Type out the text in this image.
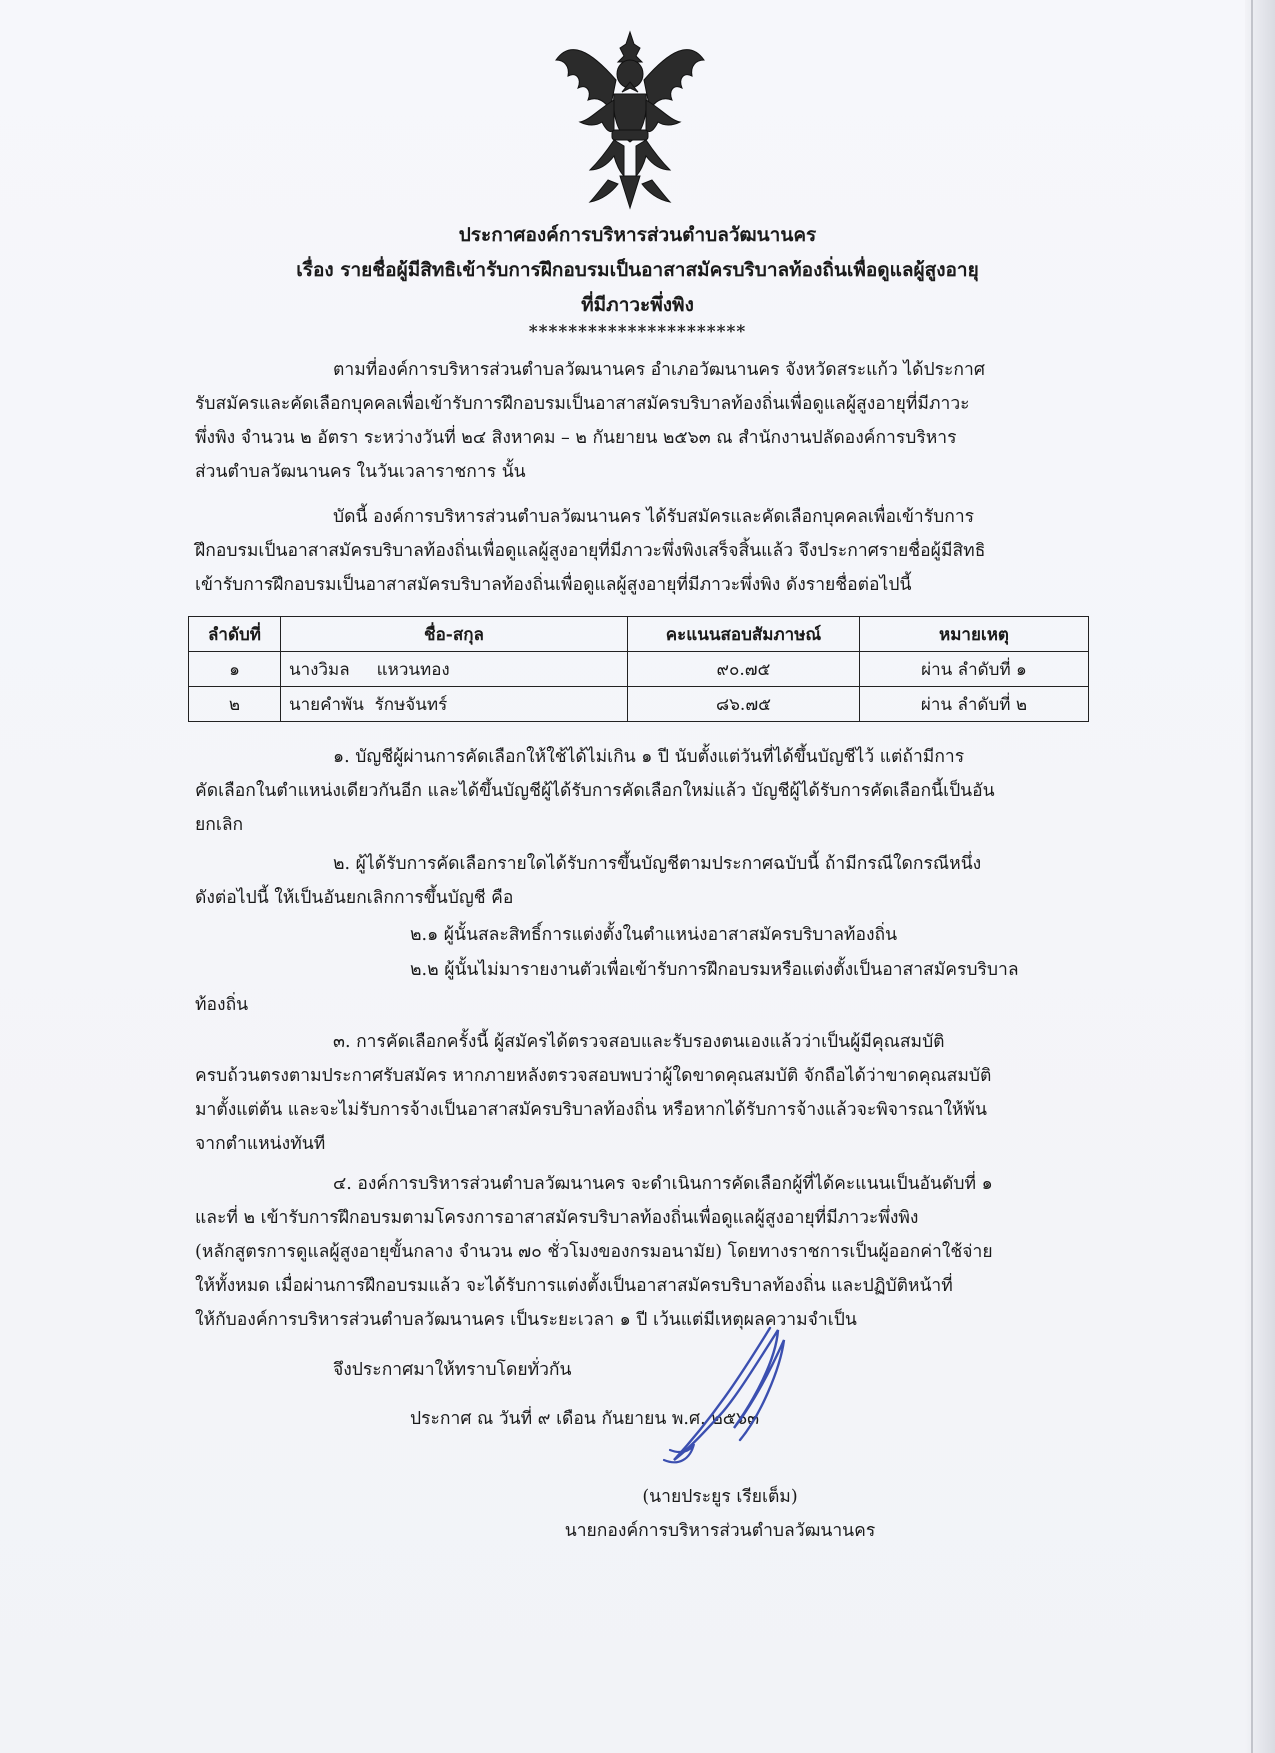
ประกาศองค์การบริหารส่วนตำบลวัฒนานคร
เรื่อง รายชื่อผู้มีสิทธิเข้ารับการฝึกอบรมเป็นอาสาสมัครบริบาลท้องถิ่นเพื่อดูแลผู้สูงอายุ
ที่มีภาวะพึ่งพิง
**********************
ตามที่องค์การบริหารส่วนตำบลวัฒนานคร อำเภอวัฒนานคร จังหวัดสระแก้ว ได้ประกาศ
รับสมัครและคัดเลือกบุคคลเพื่อเข้ารับการฝึกอบรมเป็นอาสาสมัครบริบาลท้องถิ่นเพื่อดูแลผู้สูงอายุที่มีภาวะ
พึ่งพิง จำนวน ๒ อัตรา ระหว่างวันที่ ๒๔ สิงหาคม – ๒ กันยายน ๒๕๖๓ ณ สำนักงานปลัดองค์การบริหาร
ส่วนตำบลวัฒนานคร ในวันเวลาราชการ นั้น
บัดนี้ องค์การบริหารส่วนตำบลวัฒนานคร ได้รับสมัครและคัดเลือกบุคคลเพื่อเข้ารับการ
ฝึกอบรมเป็นอาสาสมัครบริบาลท้องถิ่นเพื่อดูแลผู้สูงอายุที่มีภาวะพึ่งพิงเสร็จสิ้นแล้ว จึงประกาศรายชื่อผู้มีสิทธิ
เข้ารับการฝึกอบรมเป็นอาสาสมัครบริบาลท้องถิ่นเพื่อดูแลผู้สูงอายุที่มีภาวะพึ่งพิง ดังรายชื่อต่อไปนี้
ลำดับที่	ชื่อ-สกุล	คะแนนสอบสัมภาษณ์	หมายเหตุ
๑	นางวิมล     แหวนทอง	๙๐.๗๕	ผ่าน ลำดับที่ ๑
๒	นายคำพัน  รักษจันทร์	๘๖.๗๕	ผ่าน ลำดับที่ ๒
๑. บัญชีผู้ผ่านการคัดเลือกให้ใช้ได้ไม่เกิน ๑ ปี นับตั้งแต่วันที่ได้ขึ้นบัญชีไว้ แต่ถ้ามีการ
คัดเลือกในตำแหน่งเดียวกันอีก และได้ขึ้นบัญชีผู้ได้รับการคัดเลือกใหม่แล้ว บัญชีผู้ได้รับการคัดเลือกนี้เป็นอัน
ยกเลิก
๒. ผู้ได้รับการคัดเลือกรายใดได้รับการขึ้นบัญชีตามประกาศฉบับนี้ ถ้ามีกรณีใดกรณีหนึ่ง
ดังต่อไปนี้ ให้เป็นอันยกเลิกการขึ้นบัญชี คือ
๒.๑ ผู้นั้นสละสิทธิ์การแต่งตั้งในตำแหน่งอาสาสมัครบริบาลท้องถิ่น
๒.๒ ผู้นั้นไม่มารายงานตัวเพื่อเข้ารับการฝึกอบรมหรือแต่งตั้งเป็นอาสาสมัครบริบาล
ท้องถิ่น
๓. การคัดเลือกครั้งนี้ ผู้สมัครได้ตรวจสอบและรับรองตนเองแล้วว่าเป็นผู้มีคุณสมบัติ
ครบถ้วนตรงตามประกาศรับสมัคร หากภายหลังตรวจสอบพบว่าผู้ใดขาดคุณสมบัติ จักถือได้ว่าขาดคุณสมบัติ
มาตั้งแต่ต้น และจะไม่รับการจ้างเป็นอาสาสมัครบริบาลท้องถิ่น หรือหากได้รับการจ้างแล้วจะพิจารณาให้พ้น
จากตำแหน่งทันที
๔. องค์การบริหารส่วนตำบลวัฒนานคร จะดำเนินการคัดเลือกผู้ที่ได้คะแนนเป็นอันดับที่ ๑
และที่ ๒ เข้ารับการฝึกอบรมตามโครงการอาสาสมัครบริบาลท้องถิ่นเพื่อดูแลผู้สูงอายุที่มีภาวะพึ่งพิง
(หลักสูตรการดูแลผู้สูงอายุขั้นกลาง จำนวน ๗๐ ชั่วโมงของกรมอนามัย) โดยทางราชการเป็นผู้ออกค่าใช้จ่าย
ให้ทั้งหมด เมื่อผ่านการฝึกอบรมแล้ว จะได้รับการแต่งตั้งเป็นอาสาสมัครบริบาลท้องถิ่น และปฏิบัติหน้าที่
ให้กับองค์การบริหารส่วนตำบลวัฒนานคร เป็นระยะเวลา ๑ ปี เว้นแต่มีเหตุผลความจำเป็น
จึงประกาศมาให้ทราบโดยทั่วกัน
ประกาศ ณ วันที่ ๙ เดือน กันยายน พ.ศ. ๒๕๖๓
(นายประยูร เรียเต็ม)
นายกองค์การบริหารส่วนตำบลวัฒนานคร
